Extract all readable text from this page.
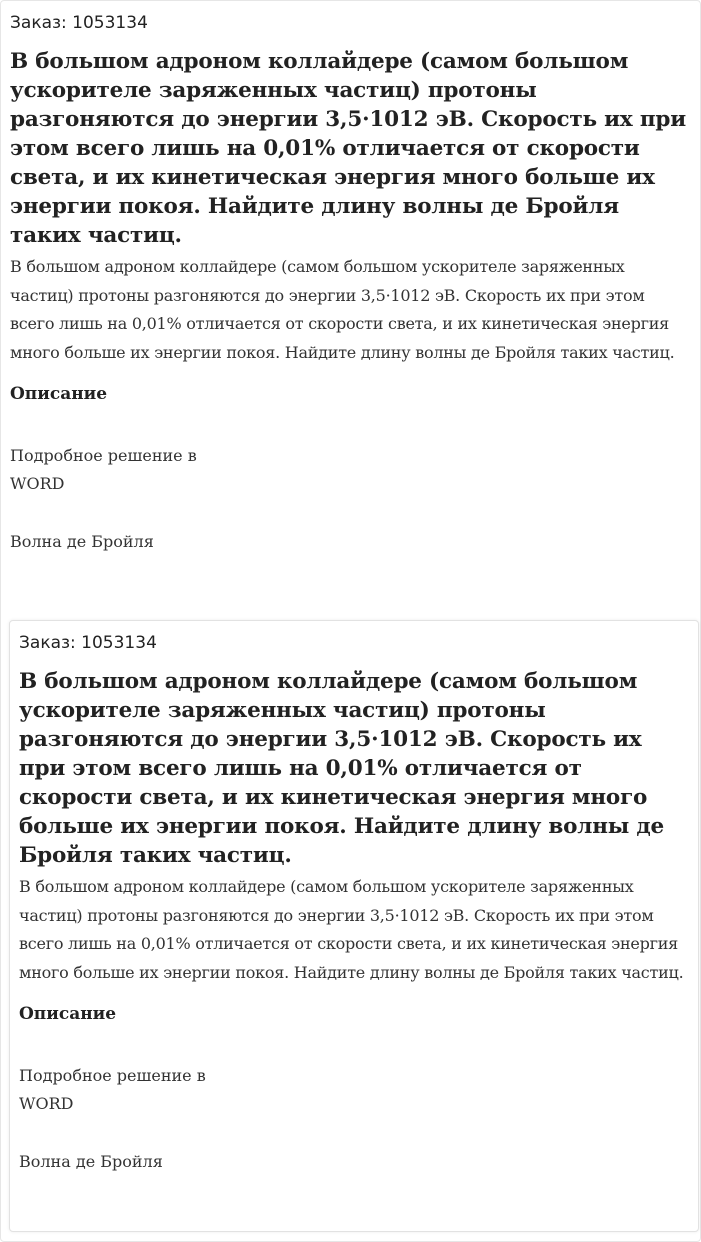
Заказ: 1053134
В большом адроном коллайдере (самом большом ускорителе заряженных частиц) протоны разгоняются до энергии 3,5·1012 эВ. Скорость их при этом всего лишь на 0,01% отличается от скорости света, и их кинетическая энергия много больше их энергии покоя. Найдите длину волны де Бройля таких частиц.
В большом адроном коллайдере (самом большом ускорителе заряженных частиц) протоны разгоняются до энергии 3,5·1012 эВ. Скорость их при этом всего лишь на 0,01% отличается от скорости света, и их кинетическая энергия много больше их энергии покоя. Найдите длину волны де Бройля таких частиц.
Описание
Подробное решение в
WORD
Волна де Бройля
Заказ: 1053134
В большом адроном коллайдере (самом большом ускорителе заряженных частиц) протоны разгоняются до энергии 3,5·1012 эВ. Скорость их при этом всего лишь на 0,01% отличается от скорости света, и их кинетическая энергия много больше их энергии покоя. Найдите длину волны де Бройля таких частиц.
В большом адроном коллайдере (самом большом ускорителе заряженных частиц) протоны разгоняются до энергии 3,5·1012 эВ. Скорость их при этом всего лишь на 0,01% отличается от скорости света, и их кинетическая энергия много больше их энергии покоя. Найдите длину волны де Бройля таких частиц.
Описание
Подробное решение в
WORD
Волна де Бройля
